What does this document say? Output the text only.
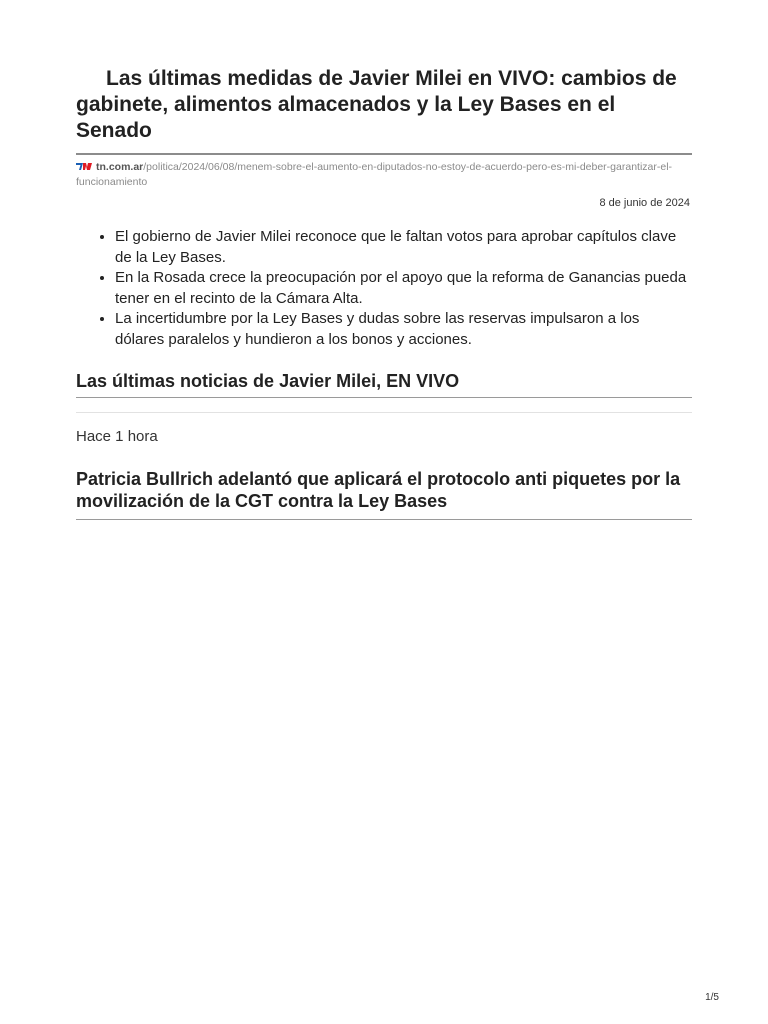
Las últimas medidas de Javier Milei en VIVO: cambios de gabinete, alimentos almacenados y la Ley Bases en el Senado
tn.com.ar/politica/2024/06/08/menem-sobre-el-aumento-en-diputados-no-estoy-de-acuerdo-pero-es-mi-deber-garantizar-el-funcionamiento
8 de junio de 2024
• El gobierno de Javier Milei reconoce que le faltan votos para aprobar capítulos clave de la Ley Bases.
• En la Rosada crece la preocupación por el apoyo que la reforma de Ganancias pueda tener en el recinto de la Cámara Alta.
• La incertidumbre por la Ley Bases y dudas sobre las reservas impulsaron a los dólares paralelos y hundieron a los bonos y acciones.
Las últimas noticias de Javier Milei, EN VIVO
Hace 1 hora
Patricia Bullrich adelantó que aplicará el protocolo anti piquetes por la movilización de la CGT contra la Ley Bases
1/5
